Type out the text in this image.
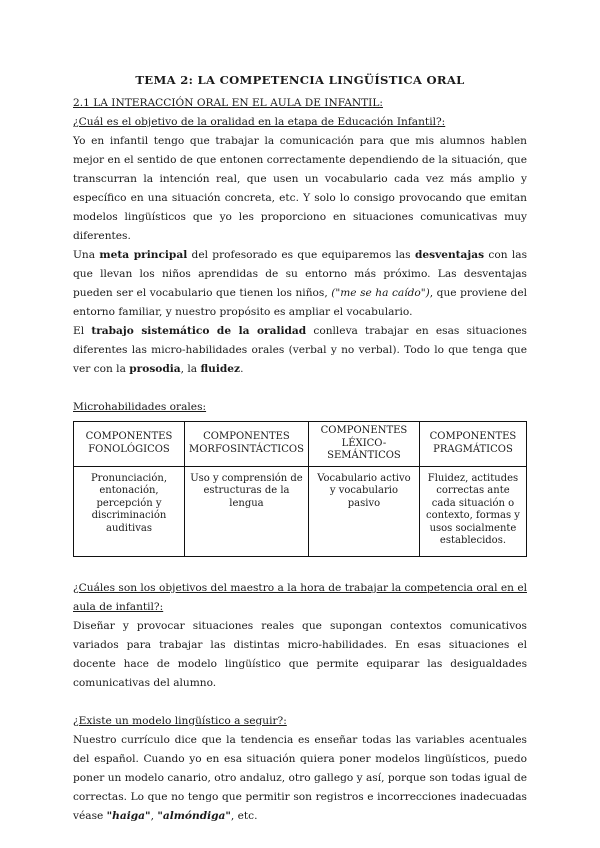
TEMA 2: LA COMPETENCIA LINGÜÍSTICA ORAL
2.1 LA INTERACCIÓN ORAL EN EL AULA DE INFANTIL:
¿Cuál es el objetivo de la oralidad en la etapa de Educación Infantil?:

Yo en infantil tengo que trabajar la comunicación para que mis alumnos hablen mejor en el sentido de que entonen correctamente dependiendo de la situación, que transcurran la intención real, que usen un vocabulario cada vez más amplio y específico en una situación concreta, etc. Y solo lo consigo provocando que emitan modelos lingüísticos que yo les proporciono en situaciones comunicativas muy diferentes.

Una meta principal del profesorado es que equiparemos las desventajas con las que llevan los niños aprendidas de su entorno más próximo. Las desventajas pueden ser el vocabulario que tienen los niños, ("me se ha caído"), que proviene del entorno familiar, y nuestro propósito es ampliar el vocabulario.

El trabajo sistemático de la oralidad conlleva trabajar en esas situaciones diferentes las micro-habilidades orales (verbal y no verbal). Todo lo que tenga que ver con la prosodia, la fluidez.

Microhabilidades orales:
COMPONENTES FONOLÓGICOS	COMPONENTES MORFOSINTÁCTICOS	COMPONENTES LÉXICO-SEMÁNTICOS	COMPONENTES PRAGMÁTICOS
Pronunciación, entonación, percepción y discriminación auditivas	Uso y comprensión de estructuras de la lengua	Vocabulario activo y vocabulario pasivo	Fluidez, actitudes correctas ante cada situación o contexto, formas y usos socialmente establecidos.

¿Cuáles son los objetivos del maestro a la hora de trabajar la competencia oral en el aula de infantil?:

Diseñar y provocar situaciones reales que supongan contextos comunicativos variados para trabajar las distintas micro-habilidades. En esas situaciones el docente hace de modelo lingüístico que permite equiparar las desigualdades comunicativas del alumno.

¿Existe un modelo lingüístico a seguir?:

Nuestro currículo dice que la tendencia es enseñar todas las variables acentuales del español. Cuando yo en esa situación quiera poner modelos lingüísticos, puedo poner un modelo canario, otro andaluz, otro gallego y así, porque son todas igual de correctas. Lo que no tengo que permitir son registros e incorrecciones inadecuadas véase "haiga", "almóndiga", etc.
